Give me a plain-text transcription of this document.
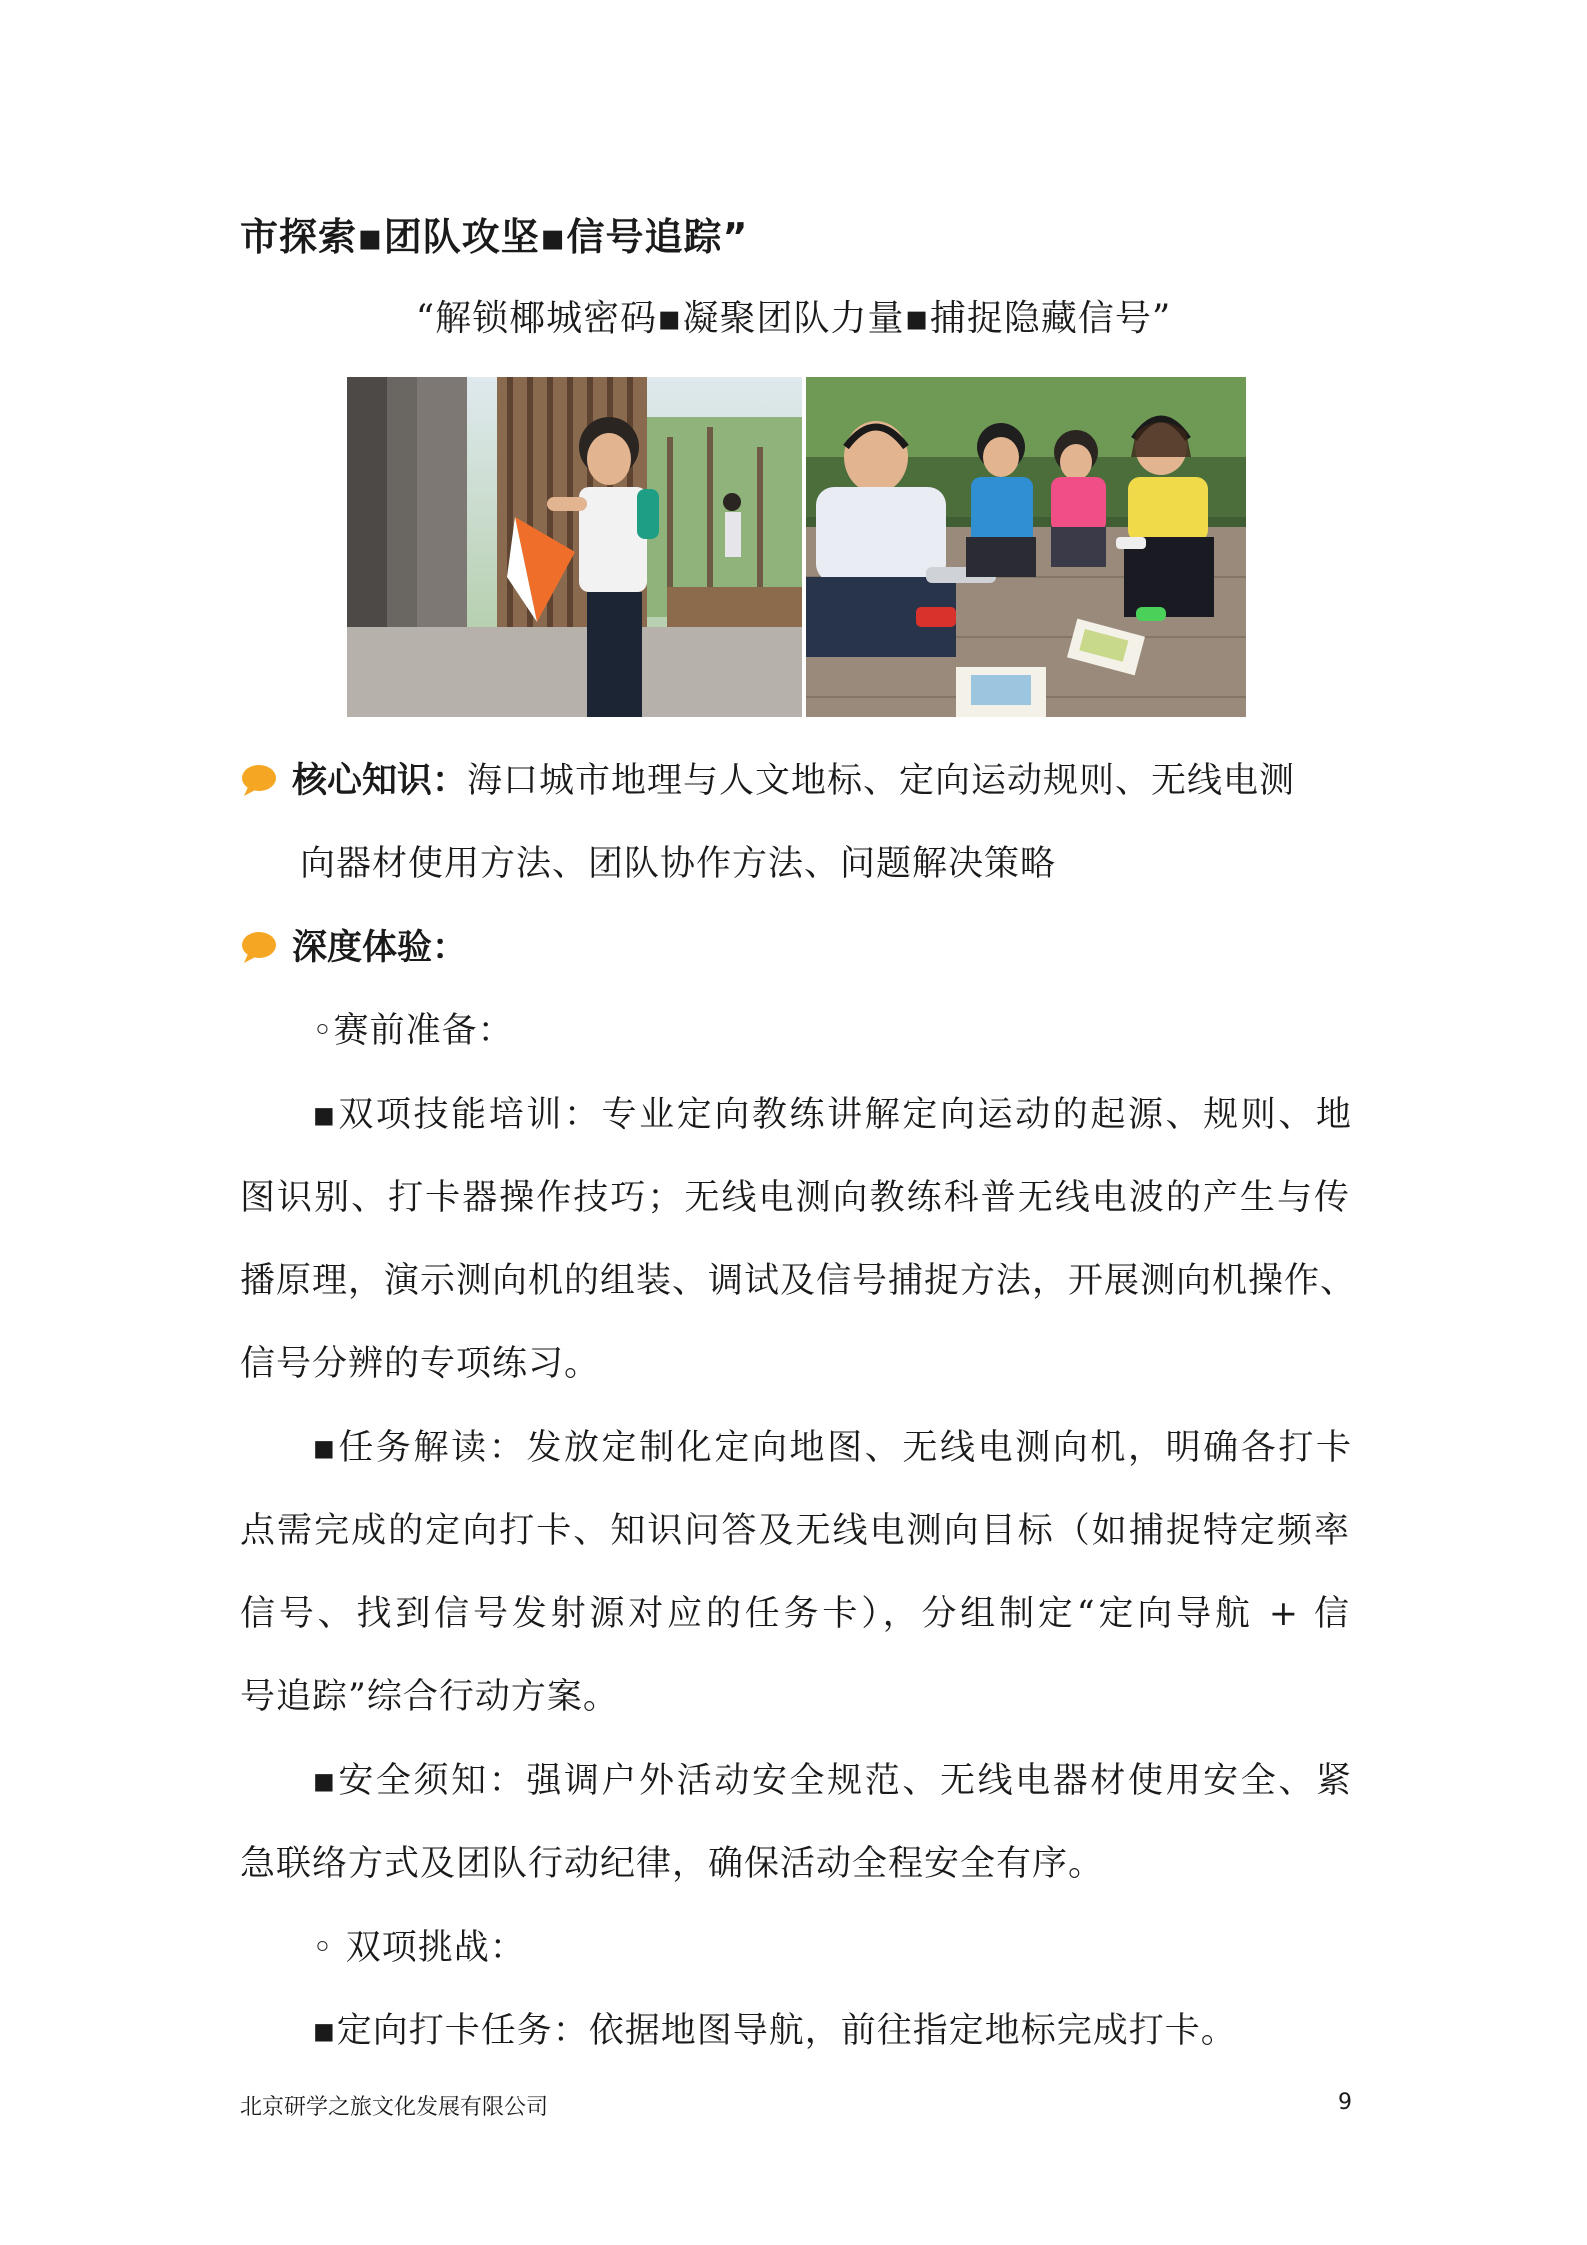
市探索▪团队攻坚▪信号追踪”
“解锁椰城密码▪凝聚团队力量▪捕捉隐藏信号”
核心知识： 海口城市地理与人文地标、定向运动规则、无线电测
向器材使用方法、团队协作方法、问题解决策略
深度体验：
◦赛前准备：
▪双项技能培训：专业定向教练讲解定向运动的起源、规则、地
图识别、打卡器操作技巧；无线电测向教练科普无线电波的产生与传
播原理，演示测向机的组装、调试及信号捕捉方法，开展测向机操作、
信号分辨的专项练习。
▪任务解读：发放定制化定向地图、无线电测向机，明确各打卡
点需完成的定向打卡、知识问答及无线电测向目标（如捕捉特定频率
信号、找到信号发射源对应的任务卡），分组制定“定向导航 + 信
号追踪”综合行动方案。
▪安全须知：强调户外活动安全规范、无线电器材使用安全、紧
急联络方式及团队行动纪律，确保活动全程安全有序。
◦ 双项挑战：
▪定向打卡任务：依据地图导航，前往指定地标完成打卡。
北京研学之旅文化发展有限公司	9
